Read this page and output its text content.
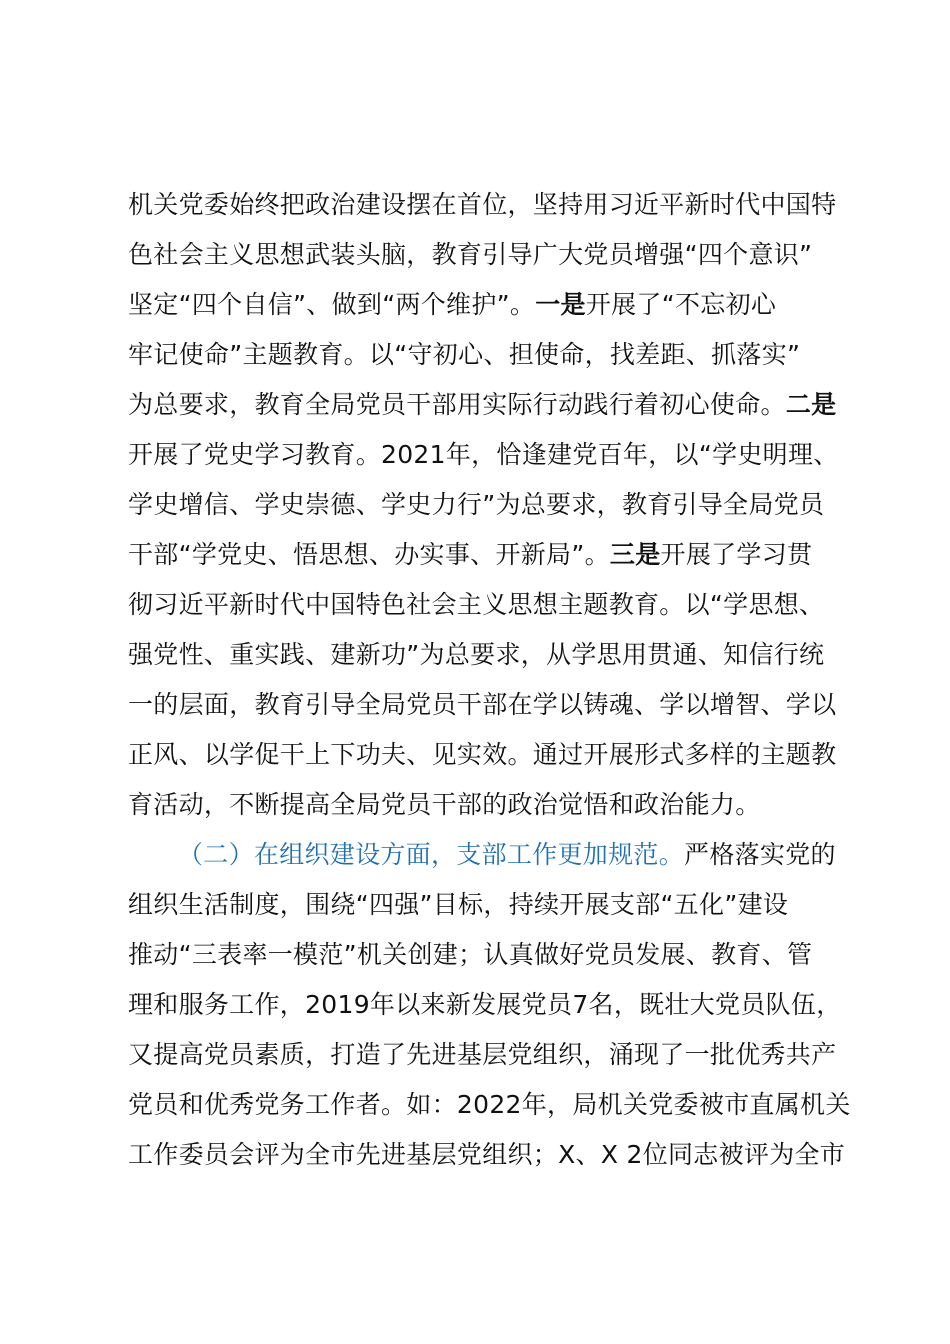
机关党委始终把政治建设摆在首位，坚持用习近平新时代中国特
色社会主义思想武装头脑，教育引导广大党员增强“四个意识”
坚定“四个自信”、做到“两个维护”。一是开展了“不忘初心
牢记使命”主题教育。以“守初心、担使命，找差距、抓落实”
为总要求，教育全局党员干部用实际行动践行着初心使命。二是
开展了党史学习教育。2021年，恰逢建党百年，以“学史明理、
学史增信、学史崇德、学史力行”为总要求，教育引导全局党员
干部“学党史、悟思想、办实事、开新局”。三是开展了学习贯
彻习近平新时代中国特色社会主义思想主题教育。以“学思想、
强党性、重实践、建新功”为总要求，从学思用贯通、知信行统
一的层面，教育引导全局党员干部在学以铸魂、学以增智、学以
正风、以学促干上下功夫、见实效。通过开展形式多样的主题教
育活动，不断提高全局党员干部的政治觉悟和政治能力。
（二）在组织建设方面，支部工作更加规范。严格落实党的
组织生活制度，围绕“四强”目标，持续开展支部“五化”建设
推动“三表率一模范”机关创建；认真做好党员发展、教育、管
理和服务工作，2019年以来新发展党员7名，既壮大党员队伍，
又提高党员素质，打造了先进基层党组织，涌现了一批优秀共产
党员和优秀党务工作者。如：2022年，局机关党委被市直属机关
工作委员会评为全市先进基层党组织；X、X 2位同志被评为全市
